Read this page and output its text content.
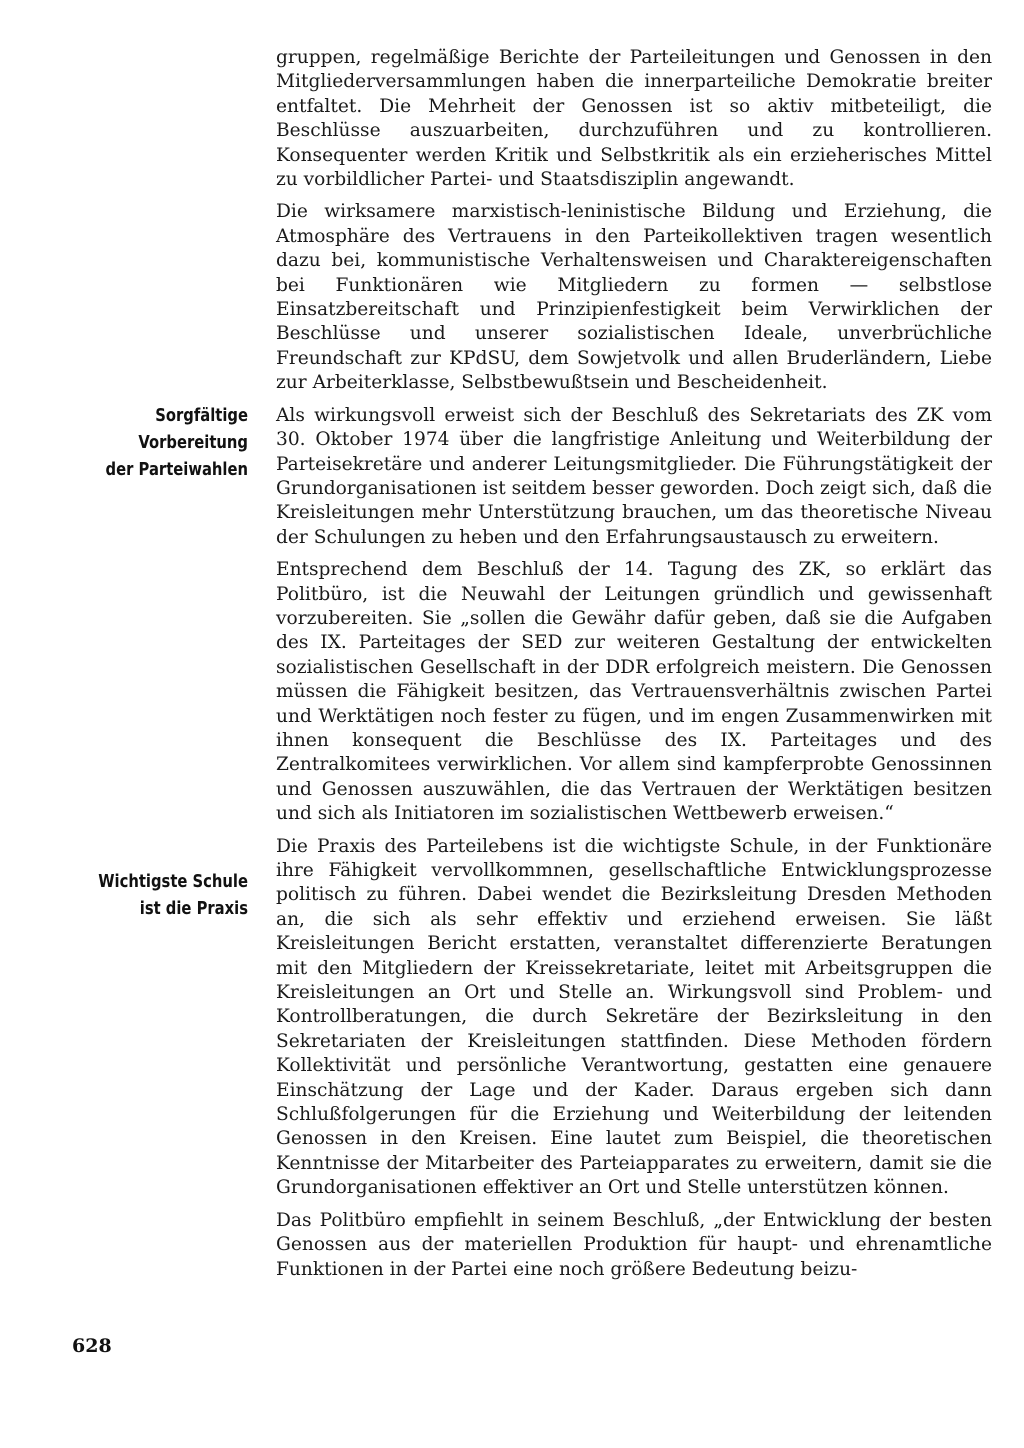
gruppen, regelmäßige Berichte der Parteileitungen und Genossen in den Mitgliederversammlungen haben die innerparteiliche Demokratie breiter entfaltet. Die Mehrheit der Genossen ist so aktiv mitbeteiligt, die Beschlüsse auszuarbeiten, durchzuführen und zu kontrollieren. Konsequenter werden Kritik und Selbstkritik als ein erzieherisches Mittel zu vorbildlicher Partei- und Staatsdisziplin angewandt.

Die wirksamere marxistisch-leninistische Bildung und Erziehung, die Atmosphäre des Vertrauens in den Parteikollektiven tragen wesentlich dazu bei, kommunistische Verhaltensweisen und Charaktereigenschaften bei Funktionären wie Mitgliedern zu formen — selbstlose Einsatzbereitschaft und Prinzipienfestigkeit beim Verwirklichen der Beschlüsse und unserer sozialistischen Ideale, unverbrüchliche Freundschaft zur KPdSU, dem Sowjetvolk und allen Bruderländern, Liebe zur Arbeiterklasse, Selbstbewußtsein und Bescheidenheit.

Als wirkungsvoll erweist sich der Beschluß des Sekretariats des ZK vom 30. Oktober 1974 über die langfristige Anleitung und Weiterbildung der Parteisekretäre und anderer Leitungsmitglieder. Die Führungstätigkeit der Grundorganisationen ist seitdem besser geworden. Doch zeigt sich, daß die Kreisleitungen mehr Unterstützung brauchen, um das theoretische Niveau der Schulungen zu heben und den Erfahrungsaustausch zu erweitern.

Entsprechend dem Beschluß der 14. Tagung des ZK, so erklärt das Politbüro, ist die Neuwahl der Leitungen gründlich und gewissenhaft vorzubereiten. Sie „sollen die Gewähr dafür geben, daß sie die Aufgaben des IX. Parteitages der SED zur weiteren Gestaltung der entwickelten sozialistischen Gesellschaft in der DDR erfolgreich meistern. Die Genossen müssen die Fähigkeit besitzen, das Vertrauensverhältnis zwischen Partei und Werktätigen noch fester zu fügen, und im engen Zusammenwirken mit ihnen konsequent die Beschlüsse des IX. Parteitages und des Zentralkomitees verwirklichen. Vor allem sind kampferprobte Genossinnen und Genossen auszuwählen, die das Vertrauen der Werktätigen besitzen und sich als Initiatoren im sozialistischen Wettbewerb erweisen.“

Die Praxis des Parteilebens ist die wichtigste Schule, in der Funktionäre ihre Fähigkeit vervollkommnen, gesellschaftliche Entwicklungsprozesse politisch zu führen. Dabei wendet die Bezirksleitung Dresden Methoden an, die sich als sehr effektiv und erziehend erweisen. Sie läßt Kreisleitungen Bericht erstatten, veranstaltet differenzierte Beratungen mit den Mitgliedern der Kreissekretariate, leitet mit Arbeitsgruppen die Kreisleitungen an Ort und Stelle an. Wirkungsvoll sind Problem- und Kontrollberatungen, die durch Sekretäre der Bezirksleitung in den Sekretariaten der Kreisleitungen stattfinden. Diese Methoden fördern Kollektivität und persönliche Verantwortung, gestatten eine genauere Einschätzung der Lage und der Kader. Daraus ergeben sich dann Schlußfolgerungen für die Erziehung und Weiterbildung der leitenden Genossen in den Kreisen. Eine lautet zum Beispiel, die theoretischen Kenntnisse der Mitarbeiter des Parteiapparates zu erweitern, damit sie die Grundorganisationen effektiver an Ort und Stelle unterstützen können.

Das Politbüro empfiehlt in seinem Beschluß, „der Entwicklung der besten Genossen aus der materiellen Produktion für haupt- und ehrenamtliche Funktionen in der Partei eine noch größere Bedeutung beizu-

Sorgfältige
Vorbereitung
der Parteiwahlen
Wichtigste Schule
ist die Praxis
628
